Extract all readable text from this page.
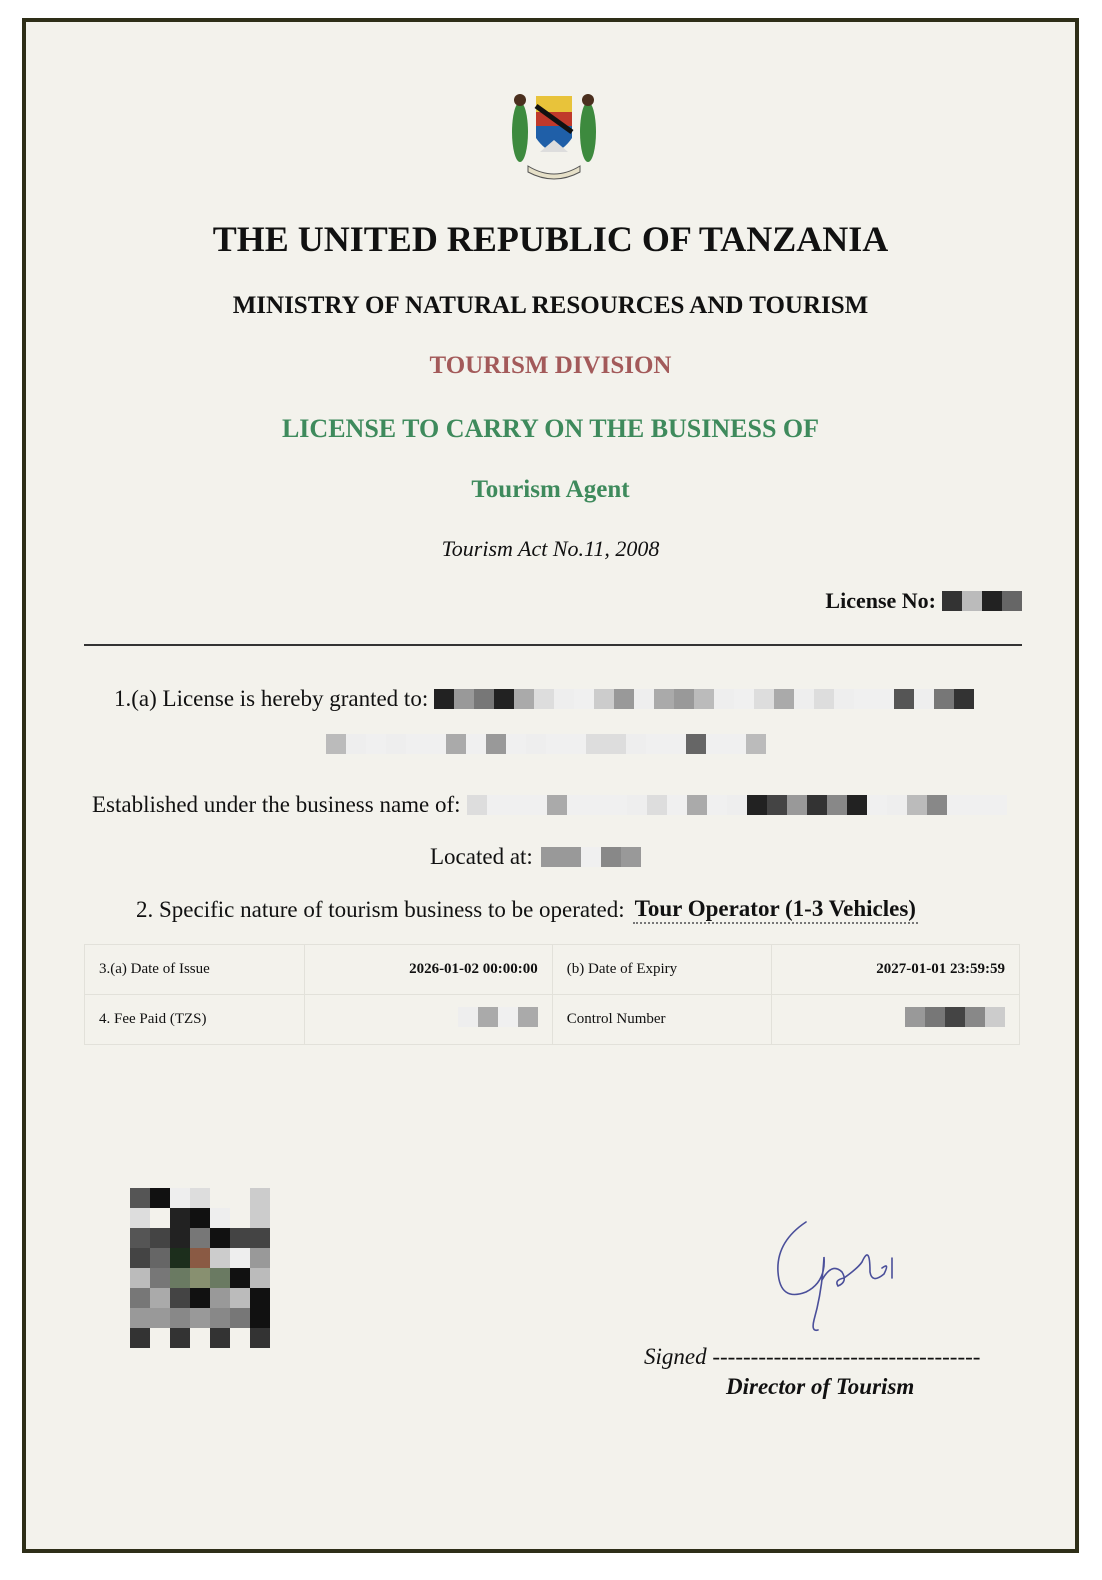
THE UNITED REPUBLIC OF TANZANIA
MINISTRY OF NATURAL RESOURCES AND TOURISM
TOURISM DIVISION
LICENSE TO CARRY ON THE BUSINESS OF
Tourism Agent
Tourism Act No.11, 2008
License No:
1.(a) License is hereby granted to:
Established under the business name of:
Located at:
2. Specific nature of tourism business to be operated: Tour Operator (1-3 Vehicles)
3.(a) Date of Issue	2026-01-02 00:00:00	(b) Date of Expiry	2027-01-01 23:59:59
4. Fee Paid (TZS)		Control Number	
Signed -----------------------------------
Director of Tourism
